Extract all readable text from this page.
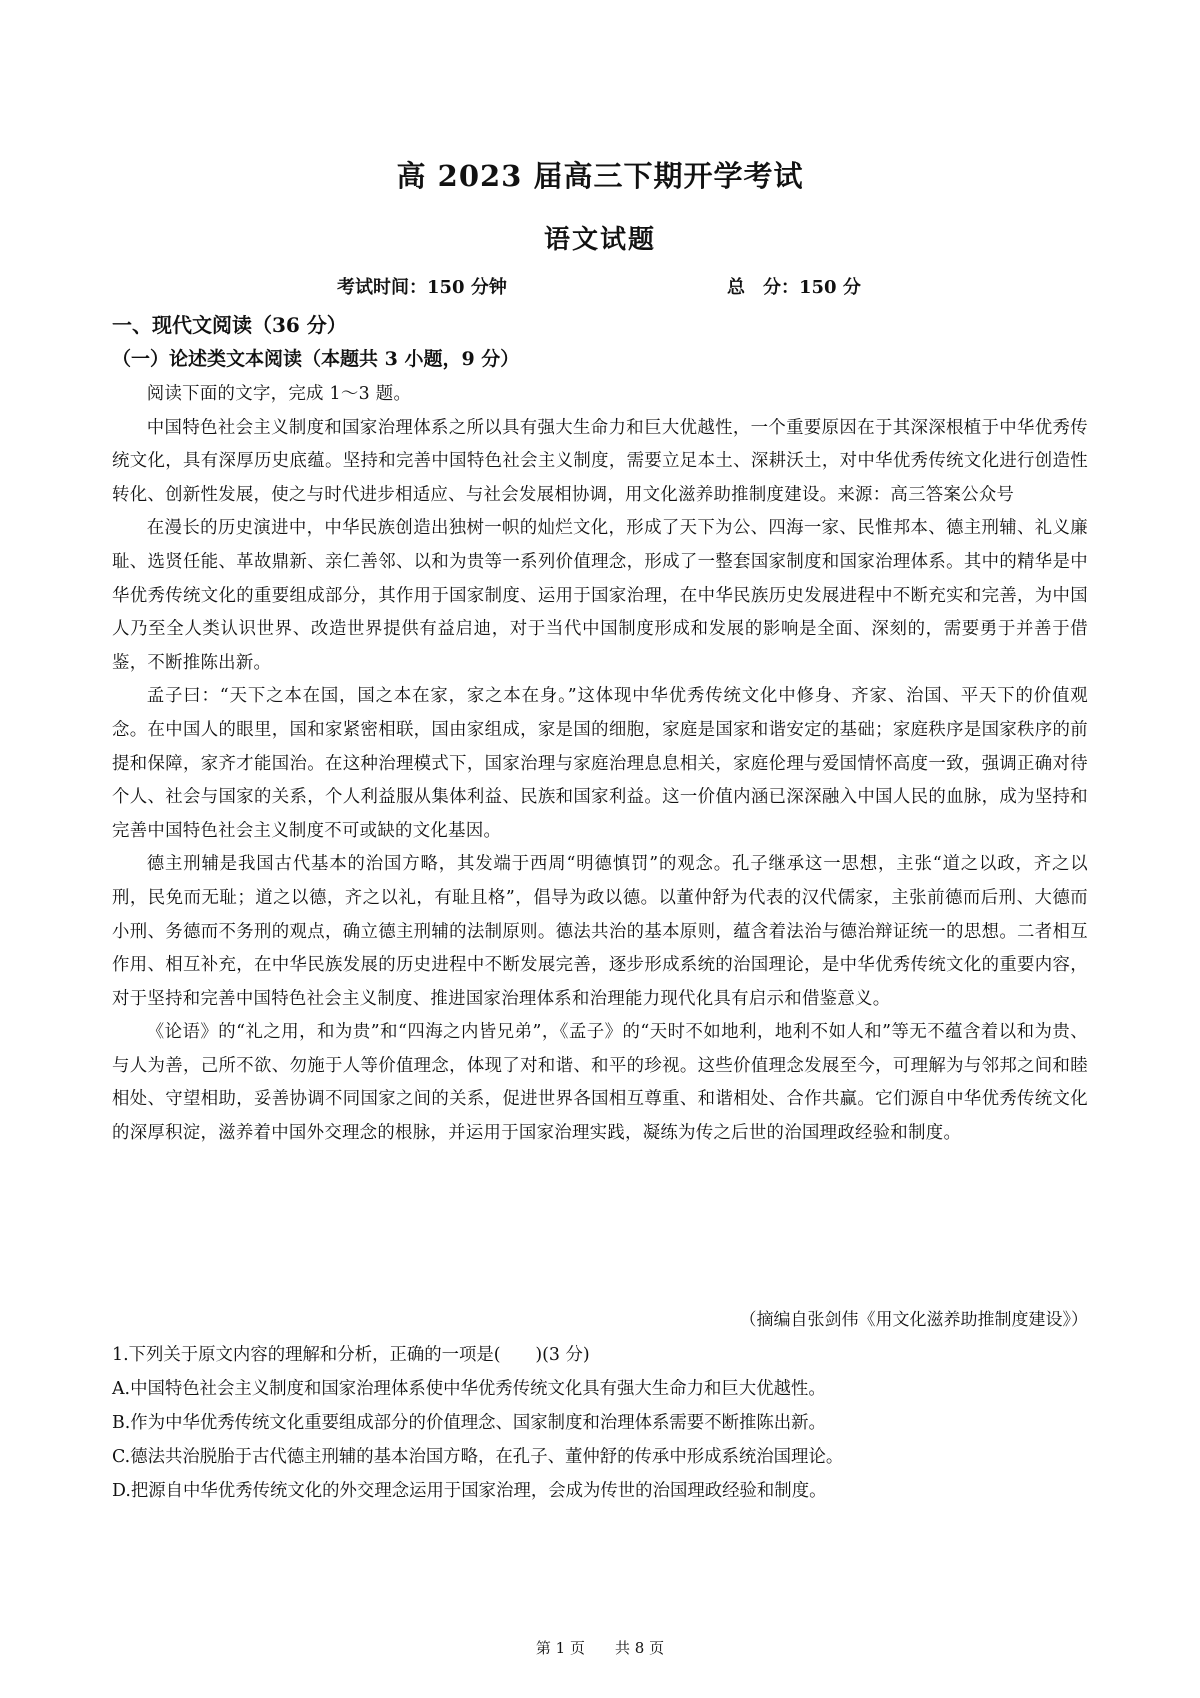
高 2023 届高三下期开学考试
语文试题
考试时间：150 分钟	总　分：150 分
一、现代文阅读（36 分）
（一）论述类文本阅读（本题共 3 小题，9 分）

阅读下面的文字，完成 1～3 题。

中国特色社会主义制度和国家治理体系之所以具有强大生命力和巨大优越性，一个重要原因在于其深深根植于中华优秀传统文化，具有深厚历史底蕴。坚持和完善中国特色社会主义制度，需要立足本土、深耕沃土，对中华优秀传统文化进行创造性转化、创新性发展，使之与时代进步相适应、与社会发展相协调，用文化滋养助推制度建设。来源：高三答案公众号

在漫长的历史演进中，中华民族创造出独树一帜的灿烂文化，形成了天下为公、四海一家、民惟邦本、德主刑辅、礼义廉耻、选贤任能、革故鼎新、亲仁善邻、以和为贵等一系列价值理念，形成了一整套国家制度和国家治理体系。其中的精华是中华优秀传统文化的重要组成部分，其作用于国家制度、运用于国家治理，在中华民族历史发展进程中不断充实和完善，为中国人乃至全人类认识世界、改造世界提供有益启迪，对于当代中国制度形成和发展的影响是全面、深刻的，需要勇于并善于借鉴，不断推陈出新。

孟子曰：“天下之本在国，国之本在家，家之本在身。”这体现中华优秀传统文化中修身、齐家、治国、平天下的价值观念。在中国人的眼里，国和家紧密相联，国由家组成，家是国的细胞，家庭是国家和谐安定的基础；家庭秩序是国家秩序的前提和保障，家齐才能国治。在这种治理模式下，国家治理与家庭治理息息相关，家庭伦理与爱国情怀高度一致，强调正确对待个人、社会与国家的关系，个人利益服从集体利益、民族和国家利益。这一价值内涵已深深融入中国人民的血脉，成为坚持和完善中国特色社会主义制度不可或缺的文化基因。

德主刑辅是我国古代基本的治国方略，其发端于西周“明德慎罚”的观念。孔子继承这一思想，主张“道之以政，齐之以刑，民免而无耻；道之以德，齐之以礼，有耻且格”，倡导为政以德。以董仲舒为代表的汉代儒家，主张前德而后刑、大德而小刑、务德而不务刑的观点，确立德主刑辅的法制原则。德法共治的基本原则，蕴含着法治与德治辩证统一的思想。二者相互作用、相互补充，在中华民族发展的历史进程中不断发展完善，逐步形成系统的治国理论，是中华优秀传统文化的重要内容，对于坚持和完善中国特色社会主义制度、推进国家治理体系和治理能力现代化具有启示和借鉴意义。

《论语》的“礼之用，和为贵”和“四海之内皆兄弟”，《孟子》的“天时不如地利，地利不如人和”等无不蕴含着以和为贵、与人为善，己所不欲、勿施于人等价值理念，体现了对和谐、和平的珍视。这些价值理念发展至今，可理解为与邻邦之间和睦相处、守望相助，妥善协调不同国家之间的关系，促进世界各国相互尊重、和谐相处、合作共赢。它们源自中华优秀传统文化的深厚积淀，滋养着中国外交理念的根脉，并运用于国家治理实践，凝练为传之后世的治国理政经验和制度。

（摘编自张剑伟《用文化滋养助推制度建设》）
1.下列关于原文内容的理解和分析，正确的一项是(　　)(3 分)
A.中国特色社会主义制度和国家治理体系使中华优秀传统文化具有强大生命力和巨大优越性。
B.作为中华优秀传统文化重要组成部分的价值理念、国家制度和治理体系需要不断推陈出新。
C.德法共治脱胎于古代德主刑辅的基本治国方略，在孔子、董仲舒的传承中形成系统治国理论。
D.把源自中华优秀传统文化的外交理念运用于国家治理，会成为传世的治国理政经验和制度。
第 1 页　　共 8 页
